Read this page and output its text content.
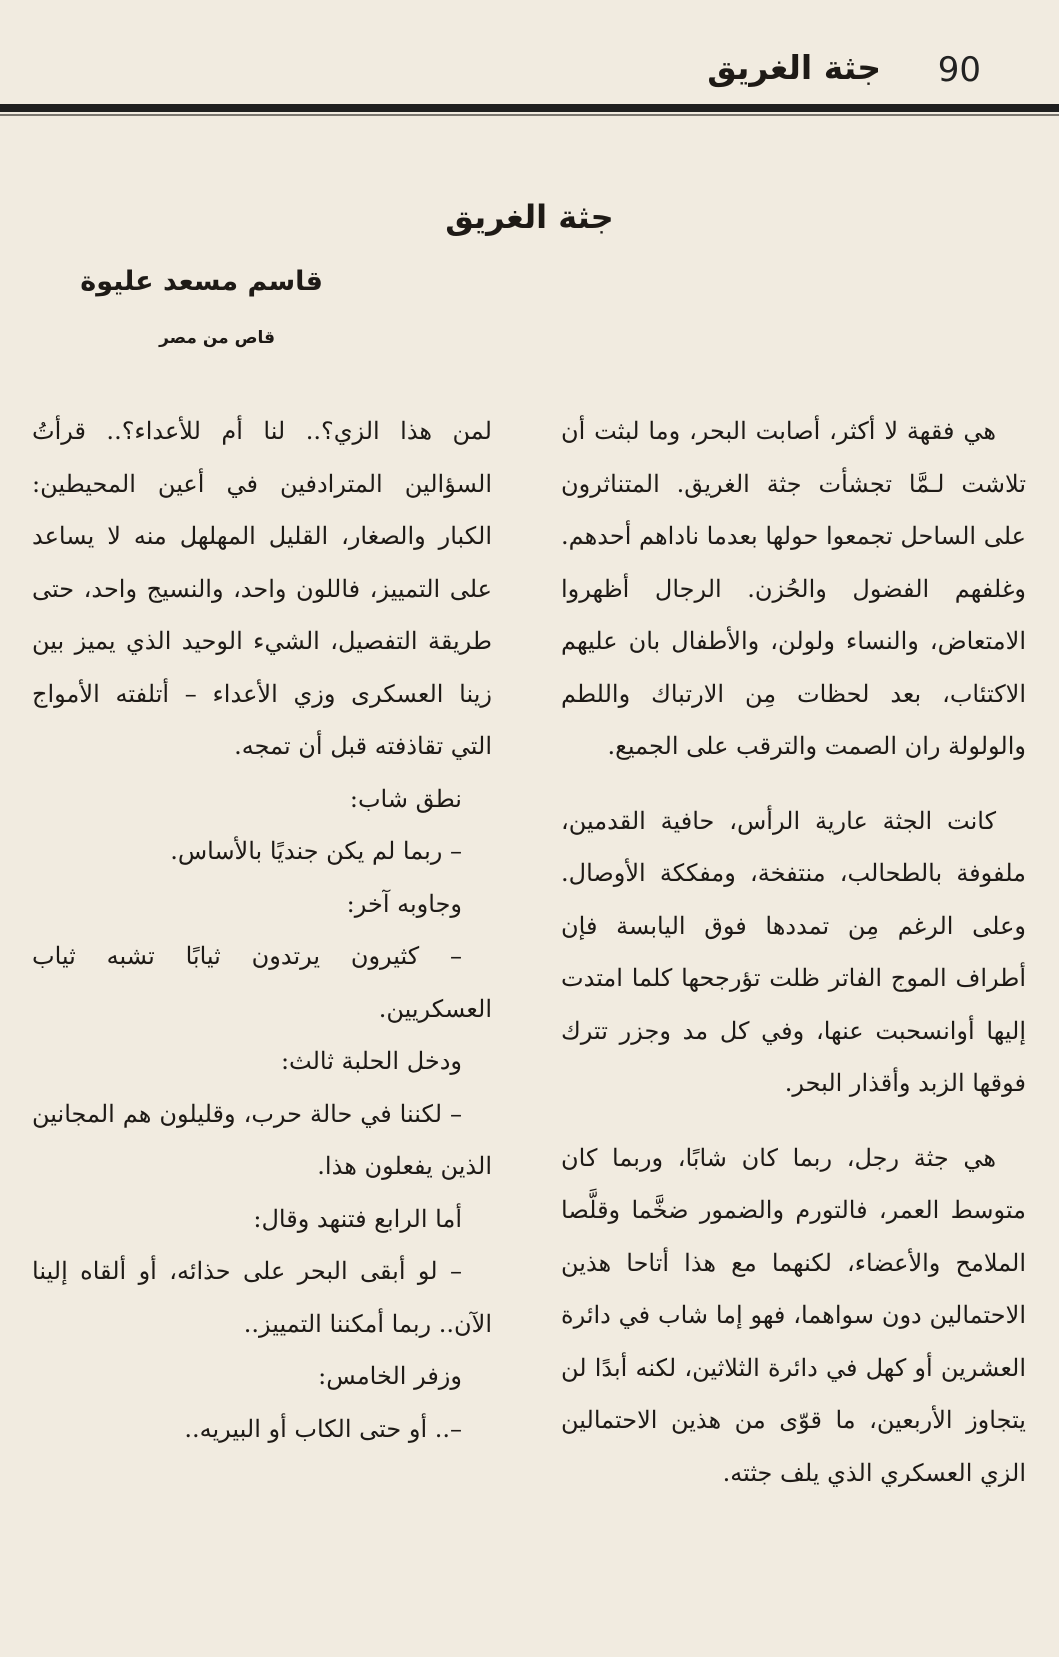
90
جثة الغريق
جثة الغريق
قاسم مسعد عليوة
قاص من مصر

هي فقهة لا أكثر، أصابت البحر، وما لبثت أن تلاشت لـمَّا تجشأت جثة الغريق. المتناثرون على الساحل تجمعوا حولها بعدما ناداهم أحدهم. وغلفهم الفضول والحُزن. الرجال أظهروا الامتعاض، والنساء ولولن، والأطفال بان عليهم الاكتئاب، بعد لحظات مِن الارتباك واللطم والولولة ران الصمت والترقب على الجميع.

كانت الجثة عارية الرأس، حافية القدمين، ملفوفة بالطحالب، منتفخة، ومفككة الأوصال. وعلى الرغم مِن تمددها فوق اليابسة فإن أطراف الموج الفاتر ظلت تؤرجحها كلما امتدت إليها أوانسحبت عنها، وفي كل مد وجزر تترك فوقها الزبد وأقذار البحر.

هي جثة رجل، ربما كان شابًا، وربما كان متوسط العمر، فالتورم والضمور ضخَّما وقلَّصا الملامح والأعضاء، لكنهما مع هذا أتاحا هذين الاحتمالين دون سواهما، فهو إما شاب في دائرة العشرين أو كهل في دائرة الثلاثين، لكنه أبدًا لن يتجاوز الأربعين، ما قوّى من هذين الاحتمالين الزي العسكري الذي يلف جثته.

لمن هذا الزي؟.. لنا أم للأعداء؟.. قرأتُ السؤالين المترادفين في أعين المحيطين: الكبار والصغار، القليل المهلهل منه لا يساعد على التمييز، فاللون واحد، والنسيج واحد، حتى طريقة التفصيل، الشيء الوحيد الذي يميز بين زينا العسكرى وزي الأعداء – أتلفته الأمواج التي تقاذفته قبل أن تمجه.

نطق شاب:

– ربما لم يكن جنديًا بالأساس.

وجاوبه آخر:

– كثيرون يرتدون ثيابًا تشبه ثياب العسكريين.

ودخل الحلبة ثالث:

– لكننا في حالة حرب، وقليلون هم المجانين الذين يفعلون هذا.

أما الرابع فتنهد وقال:

– لو أبقى البحر على حذائه، أو ألقاه إلينا الآن.. ربما أمكننا التمييز..

وزفر الخامس:

–.. أو حتى الكاب أو البيريه..
